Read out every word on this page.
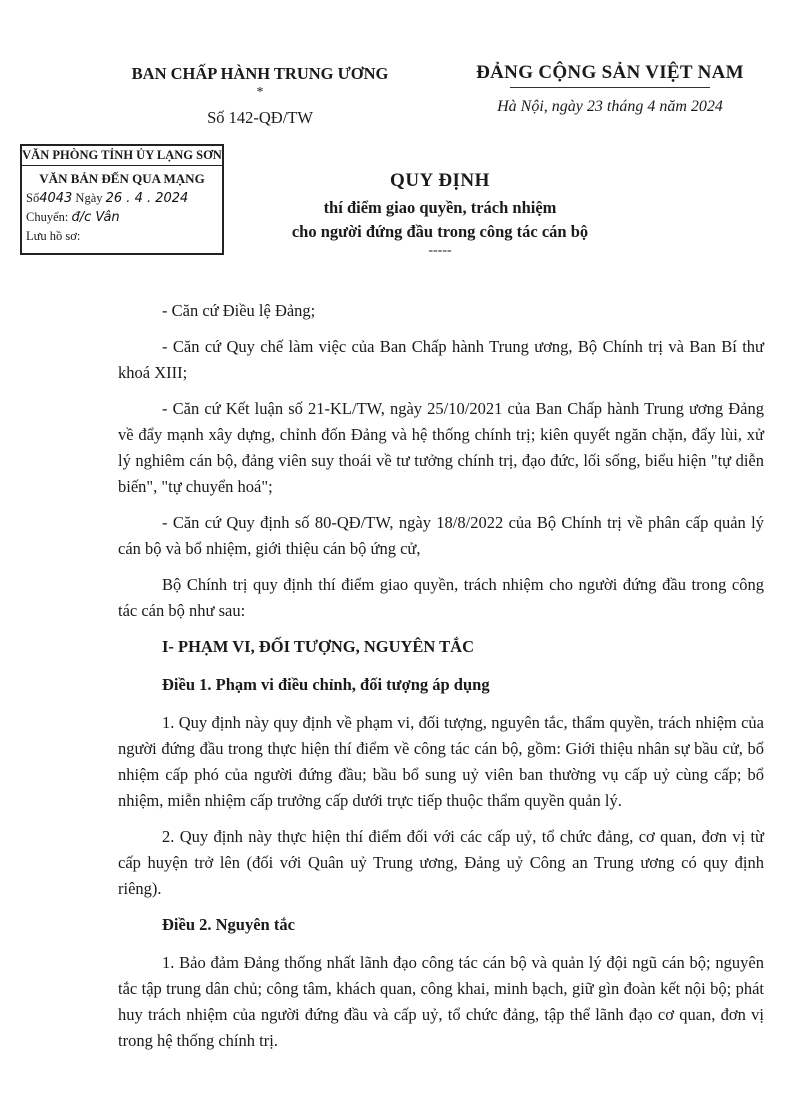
BAN CHẤP HÀNH TRUNG ƯƠNG
*
Số 142-QĐ/TW
ĐẢNG CỘNG SẢN VIỆT NAM
Hà Nội, ngày 23 tháng 4 năm 2024
VĂN PHÒNG TỈNH ỦY LẠNG SƠN
VĂN BẢN ĐẾN QUA MẠNG
Số4043 Ngày 26 . 4 . 2024
Chuyển: đ/c Vân
Lưu hồ sơ:
QUY ĐỊNH
thí điểm giao quyền, trách nhiệm
cho người đứng đầu trong công tác cán bộ
-----

- Căn cứ Điều lệ Đảng;

- Căn cứ Quy chế làm việc của Ban Chấp hành Trung ương, Bộ Chính trị và Ban Bí thư khoá XIII;

- Căn cứ Kết luận số 21-KL/TW, ngày 25/10/2021 của Ban Chấp hành Trung ương Đảng về đẩy mạnh xây dựng, chỉnh đốn Đảng và hệ thống chính trị; kiên quyết ngăn chặn, đẩy lùi, xử lý nghiêm cán bộ, đảng viên suy thoái về tư tưởng chính trị, đạo đức, lối sống, biểu hiện "tự diễn biến", "tự chuyển hoá";

- Căn cứ Quy định số 80-QĐ/TW, ngày 18/8/2022 của Bộ Chính trị về phân cấp quản lý cán bộ và bổ nhiệm, giới thiệu cán bộ ứng cử,

Bộ Chính trị quy định thí điểm giao quyền, trách nhiệm cho người đứng đầu trong công tác cán bộ như sau:

I- PHẠM VI, ĐỐI TƯỢNG, NGUYÊN TẮC
Điều 1. Phạm vi điều chỉnh, đối tượng áp dụng

1. Quy định này quy định về phạm vi, đối tượng, nguyên tắc, thẩm quyền, trách nhiệm của người đứng đầu trong thực hiện thí điểm về công tác cán bộ, gồm: Giới thiệu nhân sự bầu cử, bổ nhiệm cấp phó của người đứng đầu; bầu bổ sung uỷ viên ban thường vụ cấp uỷ cùng cấp; bổ nhiệm, miễn nhiệm cấp trưởng cấp dưới trực tiếp thuộc thẩm quyền quản lý.

2. Quy định này thực hiện thí điểm đối với các cấp uỷ, tổ chức đảng, cơ quan, đơn vị từ cấp huyện trở lên (đối với Quân uỷ Trung ương, Đảng uỷ Công an Trung ương có quy định riêng).

Điều 2. Nguyên tắc

1. Bảo đảm Đảng thống nhất lãnh đạo công tác cán bộ và quản lý đội ngũ cán bộ; nguyên tắc tập trung dân chủ; công tâm, khách quan, công khai, minh bạch, giữ gìn đoàn kết nội bộ; phát huy trách nhiệm của người đứng đầu và cấp uỷ, tổ chức đảng, tập thể lãnh đạo cơ quan, đơn vị trong hệ thống chính trị.
